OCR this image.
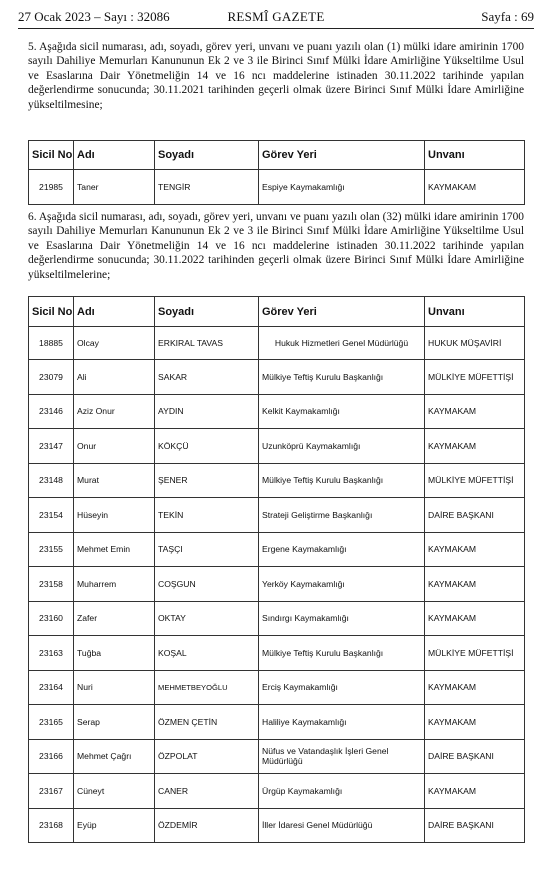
27 Ocak 2023 – Sayı : 32086	RESMÎ GAZETE	Sayfa : 69
5. Aşağıda sicil numarası, adı, soyadı, görev yeri, unvanı ve puanı yazılı olan (1) mülki idare amirinin 1700 sayılı Dahiliye Memurları Kanununun Ek 2 ve 3 ile Birinci Sınıf Mülki İdare Amirliğine Yükseltilme Usul ve Esaslarına Dair Yönetmeliğin 14 ve 16 ncı maddelerine istinaden 30.11.2022 tarihinde yapılan değerlendirme sonucunda; 30.11.2021 tarihinden geçerli olmak üzere Birinci Sınıf Mülki İdare Amirliğine yükseltilmesine;
Sicil No	Adı	Soyadı	Görev Yeri	Unvanı
21985	Taner	TENGİR	Espiye Kaymakamlığı	KAYMAKAM
6. Aşağıda sicil numarası, adı, soyadı, görev yeri, unvanı ve puanı yazılı olan (32) mülki idare amirinin 1700 sayılı Dahiliye Memurları Kanununun Ek 2 ve 3 ile Birinci Sınıf Mülki İdare Amirliğine Yükseltilme Usul ve Esaslarına Dair Yönetmeliğin 14 ve 16 ncı maddelerine istinaden 30.11.2022 tarihinde yapılan değerlendirme sonucunda; 30.11.2022 tarihinden geçerli olmak üzere Birinci Sınıf Mülki İdare Amirliğine yükseltilmelerine;
Sicil No	Adı	Soyadı	Görev Yeri	Unvanı
18885	Olcay	ERKIRAL TAVAS	Hukuk Hizmetleri Genel Müdürlüğü	HUKUK MÜŞAVİRİ
23079	Ali	SAKAR	Mülkiye Teftiş Kurulu Başkanlığı	MÜLKİYE MÜFETTİŞİ
23146	Aziz Onur	AYDIN	Kelkit Kaymakamlığı	KAYMAKAM
23147	Onur	KÖKÇÜ	Uzunköprü Kaymakamlığı	KAYMAKAM
23148	Murat	ŞENER	Mülkiye Teftiş Kurulu Başkanlığı	MÜLKİYE MÜFETTİŞİ
23154	Hüseyin	TEKİN	Strateji Geliştirme Başkanlığı	DAİRE BAŞKANI
23155	Mehmet Emin	TAŞÇI	Ergene Kaymakamlığı	KAYMAKAM
23158	Muharrem	COŞGUN	Yerköy Kaymakamlığı	KAYMAKAM
23160	Zafer	OKTAY	Sındırgı Kaymakamlığı	KAYMAKAM
23163	Tuğba	KOŞAL	Mülkiye Teftiş Kurulu Başkanlığı	MÜLKİYE MÜFETTİŞİ
23164	Nuri	MEHMETBEYOĞLU	Erciş Kaymakamlığı	KAYMAKAM
23165	Serap	ÖZMEN ÇETİN	Haliliye Kaymakamlığı	KAYMAKAM
23166	Mehmet Çağrı	ÖZPOLAT	Nüfus ve Vatandaşlık İşleri Genel Müdürlüğü	DAİRE BAŞKANI
23167	Cüneyt	CANER	Ürgüp Kaymakamlığı	KAYMAKAM
23168	Eyüp	ÖZDEMİR	İller İdaresi Genel Müdürlüğü	DAİRE BAŞKANI
